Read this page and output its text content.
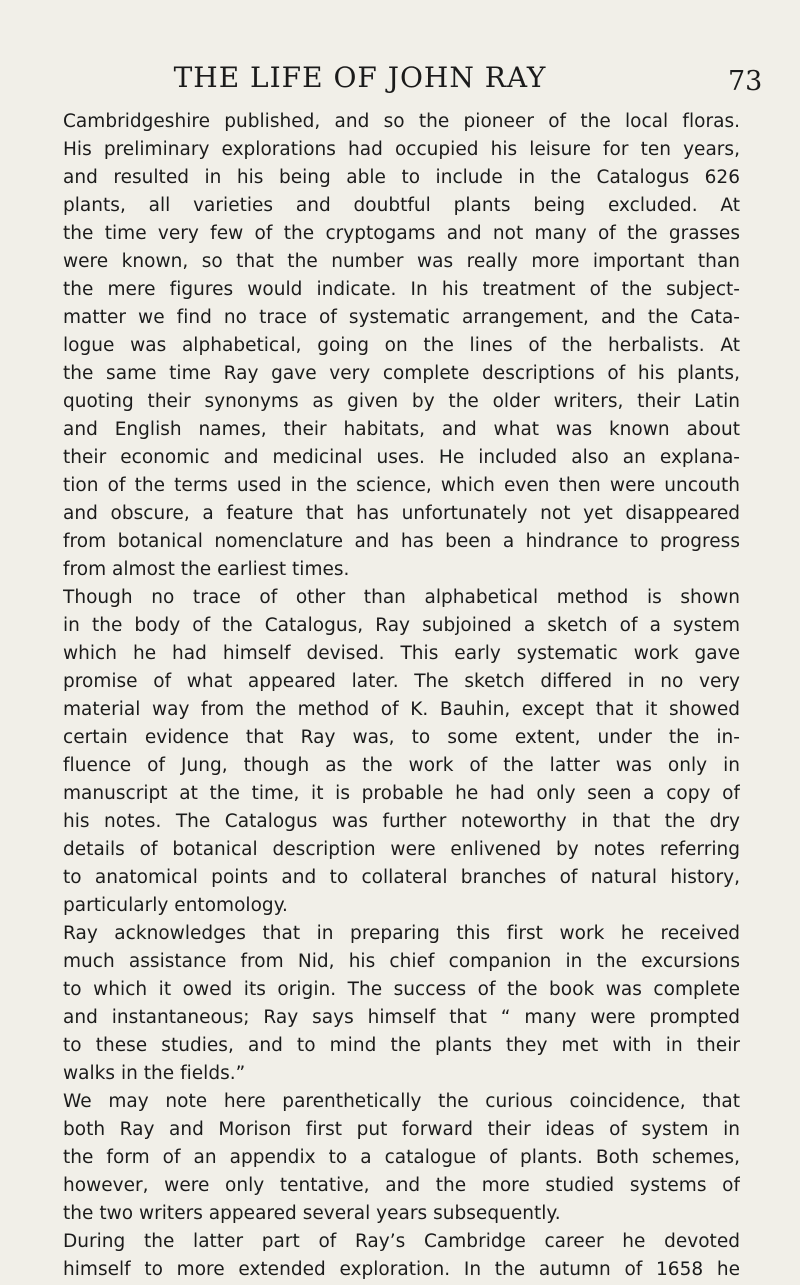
THE LIFE OF JOHN RAY	73
Cambridgeshire published, and so the pioneer of the local floras.
His preliminary explorations had occupied his leisure for ten years,
and resulted in his being able to include in the Catalogus 626
plants, all varieties and doubtful plants being excluded. At
the time very few of the cryptogams and not many of the grasses
were known, so that the number was really more important than
the mere figures would indicate. In his treatment of the subject-
matter we find no trace of systematic arrangement, and the Cata-
logue was alphabetical, going on the lines of the herbalists. At
the same time Ray gave very complete descriptions of his plants,
quoting their synonyms as given by the older writers, their Latin
and English names, their habitats, and what was known about
their economic and medicinal uses. He included also an explana-
tion of the terms used in the science, which even then were uncouth
and obscure, a feature that has unfortunately not yet disappeared
from botanical nomenclature and has been a hindrance to progress
from almost the earliest times.
Though no trace of other than alphabetical method is shown
in the body of the Catalogus, Ray subjoined a sketch of a system
which he had himself devised. This early systematic work gave
promise of what appeared later. The sketch differed in no very
material way from the method of K. Bauhin, except that it showed
certain evidence that Ray was, to some extent, under the in-
fluence of Jung, though as the work of the latter was only in
manuscript at the time, it is probable he had only seen a copy of
his notes. The Catalogus was further noteworthy in that the dry
details of botanical description were enlivened by notes referring
to anatomical points and to collateral branches of natural history,
particularly entomology.
Ray acknowledges that in preparing this first work he received
much assistance from Nid, his chief companion in the excursions
to which it owed its origin. The success of the book was complete
and instantaneous; Ray says himself that “ many were prompted
to these studies, and to mind the plants they met with in their
walks in the fields.”
We may note here parenthetically the curious coincidence, that
both Ray and Morison first put forward their ideas of system in
the form of an appendix to a catalogue of plants. Both schemes,
however, were only tentative, and the more studied systems of
the two writers appeared several years subsequently.
During the latter part of Ray’s Cambridge career he devoted
himself to more extended exploration. In the autumn of 1658 he
